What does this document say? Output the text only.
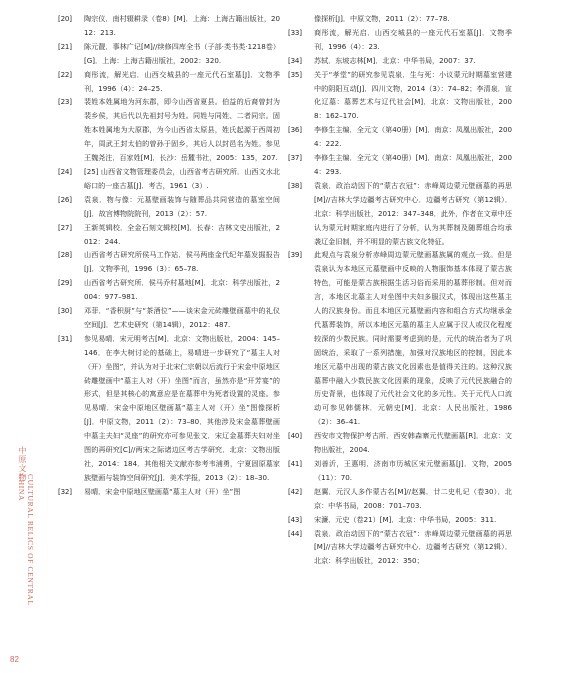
中原文物
CULTURAL RELICS OF CENTRAL CHINA
[20]	陶宗仪．南村辍耕录（卷8）[M]．上海：上海古籍出版社，2012：213.
[21]	陈元靓．事林广记[M]//续修四库全书（子部·类书类·1218卷）[G]．上海：上海古籍出版社，2002：320.
[22]	商彤流，解光启．山西交城县的一座元代石室墓[J]．文物季刊，1996（4）：24–25.
[23]	裴姓本姓属地为河东郡，即今山西省夏县。伯益的后裔曾封为裴乡侯，其后代以先祖封号为姓。同姓与同姓、二者同宗。固姓本姓属地为大原郡，为今山西省太原县，姓氏起源于西周初年，周武王封太伯的曾孙于固乡，其后人以封邑名为姓。参见王魏尧注．百家姓[M]．长沙：岳麓书社，2005：135，207.
[24]	[25] 山西省文物管理委员会，山西省考古研究所．山西文水北峪口的一座古墓[J]．考古，1961（3）.
[26]	袁泉．物与像：元墓壁画装饰与随葬品共同营造的墓室空间[J]．故宫博物院院刊，2013（2）：57.
[27]	王新英辑校．全金石刻文辑校[M]．长春：吉林文史出版社，2012：244.
[28]	山西省考古研究所侯马工作站．侯马两座金代纪年墓发掘报告[J]．文物季刊，1996（3）：65–78.
[29]	山西省考古研究所．侯马乔村墓地[M]．北京：科学出版社，2004：977–981.
[30]	邓菲．“香积厨”与“茶酒位”——谈宋金元砖雕壁画墓中的礼仪空间[J]．艺术史研究（第14辑），2012：487.
[31]	参见易晴．宋元明考古[M]．北京：文物出版社，2004：145–146．在李大树讨论的基础上，易晴进一步研究了“墓主人对（开）坐图”，并认为对于北宋仁宗朝以后流行于宋金中原地区砖雕壁画中“墓主人对（开）坐图”而言，虽然亦是“开芳宴”的形式，但是其核心的寓意应是在墓葬中为死者设置的灵座。参见易晴．宋金中原地区壁画墓“墓主人对（开）坐”图像探析[J]．中原文物，2011（2）：73–80．其他涉及宋金墓葬壁画中墓主夫妇“灵座”的研究亦可参见张文．宋辽金墓葬夫妇对坐图的再研究[C]//两宋之际诸边区考古学研究．北京：文物出版社，2014：184．其他相关文献亦参考韦浦勇，宁夏固原墓家族壁画与装饰空间研究[J]．美术学报，2013（2）：18–30.
[32]	易晴．宋金中原地区壁画墓“墓主人对（开）坐”图
像探析[J]．中原文物，2011（2）：77–78.
[33]	商彤流，解光启．山西交城县的一座元代石室墓[J]．文物季刊，1996（4）：23.
[34]	苏轼．东坡志林[M]．北京：中华书局，2007：37.
[35]	关于“孝堂”的研究参见袁泉．生与死：小议蒙元时期墓室营建中的阴阳互动[J]．四川文物，2014（3）：74–82；李清泉．宣化辽墓：墓葬艺术与辽代社会[M]．北京：文物出版社，2008：162–170.
[36]	李修生主编．全元文（第40册）[M]．南京：凤凰出版社，2004：222.
[37]	李修生主编．全元文（第40册）[M]．南京：凤凰出版社，2004：293.
[38]	袁泉．政治动因下的“蒙古衣冠”：赤峰周边蒙元壁画墓的再思[M]//吉林大学边疆考古研究中心．边疆考古研究（第12辑）．北京：科学出版社，2012：347–348．此外，作者在文章中还认为蒙元时期家庭内进行了分析，认为其葬制及随葬组合均承袭辽金旧制，并不明显的蒙古族文化特征。
[39]	此观点与袁泉分析赤峰周边蒙元壁画墓族属的观点一致。但是袁泉认为本地区元墓壁画中反映的人物服饰基本体现了蒙古族特色，可能是蒙古族根据生活习俗而采用的墓葬形制。但对而言，本地区北墓主人对坐图中夫妇多服汉式，体现出这些墓主人的汉族身份。而且本地区元墓壁画内容和组合方式均继承金代墓葬装饰，所以本地区元墓的墓主人应属于汉人或汉化程度较深的少数民族。同时需要考虑到的是，元代的统治者为了巩固统治，采取了一系列措施，加强对汉族地区的控制，因此本地区元墓中出现的蒙古族文化因素也是值得关注的。这种汉族墓葬中融入少数民族文化因素的现象，反映了元代民族融合的历史背景，也体现了元代社会文化的多元性。关于元代人口流动可参见韩儒林．元朝史[M]．北京：人民出版社，1986（2）：36–41.
[40]	西安市文物保护考古所．西安韩森寨元代壁画墓[R]．北京：文物出版社，2004.
[41]	刘善沂，王惠明．济南市历城区宋元壁画墓[J]．文物，2005（11）：70.
[42]	赵翼．元汉人多作蒙古名[M]//赵翼．廿二史札记（卷30）．北京：中华书局，2008：701–703.
[43]	宋濂．元史（卷21）[M]．北京：中华书局，2005：311.
[44]	袁泉．政治动因下的“蒙古衣冠”：赤峰周边蒙元壁画墓的再思[M]//吉林大学边疆考古研究中心．边疆考古研究（第12辑）．北京：科学出版社，2012：350；
82
